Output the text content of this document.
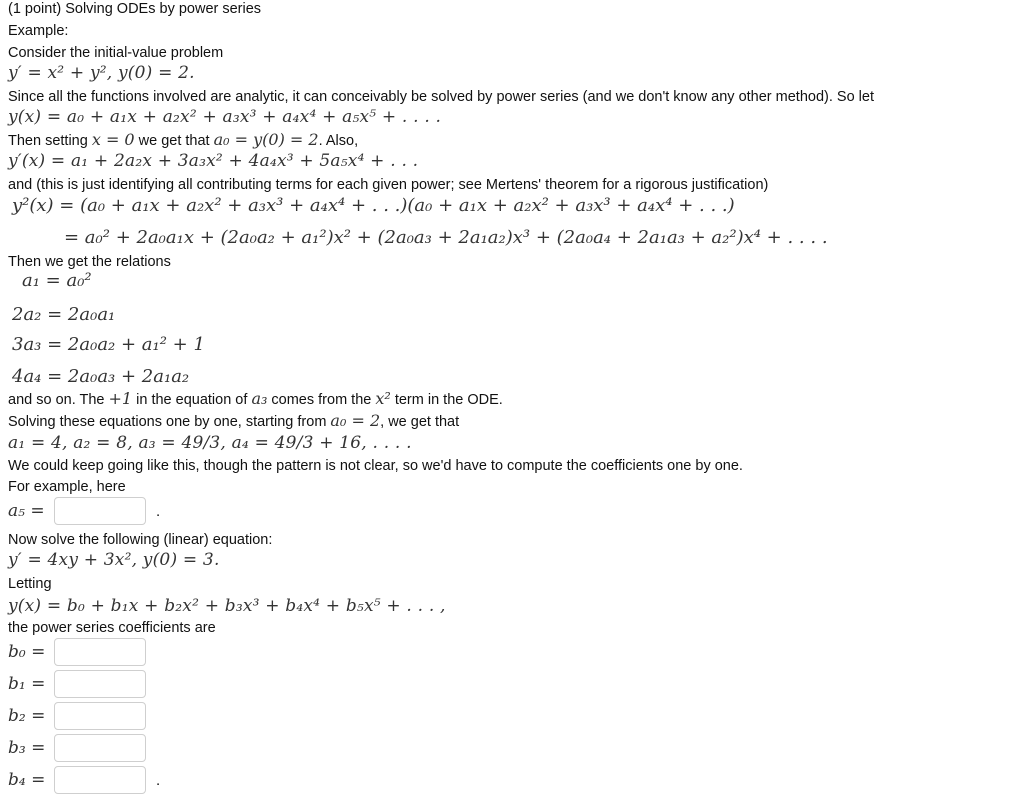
(1 point) Solving ODEs by power series
Example:
Consider the initial-value problem
y′ = x² + y², y(0) = 2.
Since all the functions involved are analytic, it can conceivably be solved by power series (and we don't know any other method). So let
y(x) = a₀ + a₁x + a₂x² + a₃x³ + a₄x⁴ + a₅x⁵ + . . . .
Then setting x = 0 we get that a₀ = y(0) = 2. Also,
y′(x) = a₁ + 2a₂x + 3a₃x² + 4a₄x³ + 5a₅x⁴ + . . .
and (this is just identifying all contributing terms for each given power; see Mertens' theorem for a rigorous justification)
y²(x) = (a₀ + a₁x + a₂x² + a₃x³ + a₄x⁴ + . . .)(a₀ + a₁x + a₂x² + a₃x³ + a₄x⁴ + . . .)
= a₀² + 2a₀a₁x + (2a₀a₂ + a₁²)x² + (2a₀a₃ + 2a₁a₂)x³ + (2a₀a₄ + 2a₁a₃ + a₂²)x⁴ + . . . .
Then we get the relations
a₁ = a₀²
2a₂ = 2a₀a₁
3a₃ = 2a₀a₂ + a₁² + 1
4a₄ = 2a₀a₃ + 2a₁a₂
and so on. The +1 in the equation of a₃ comes from the x² term in the ODE.
Solving these equations one by one, starting from a₀ = 2, we get that
a₁ = 4, a₂ = 8, a₃ = 49/3, a₄ = 49/3 + 16, . . . .
We could keep going like this, though the pattern is not clear, so we'd have to compute the coefficients one by one.
For example, here
a₅ =	.
Now solve the following (linear) equation:
y′ = 4xy + 3x², y(0) = 3.
Letting
y(x) = b₀ + b₁x + b₂x² + b₃x³ + b₄x⁴ + b₅x⁵ + . . . ,
the power series coefficients are
b₀ =
b₁ =
b₂ =
b₃ =
b₄ =	.
